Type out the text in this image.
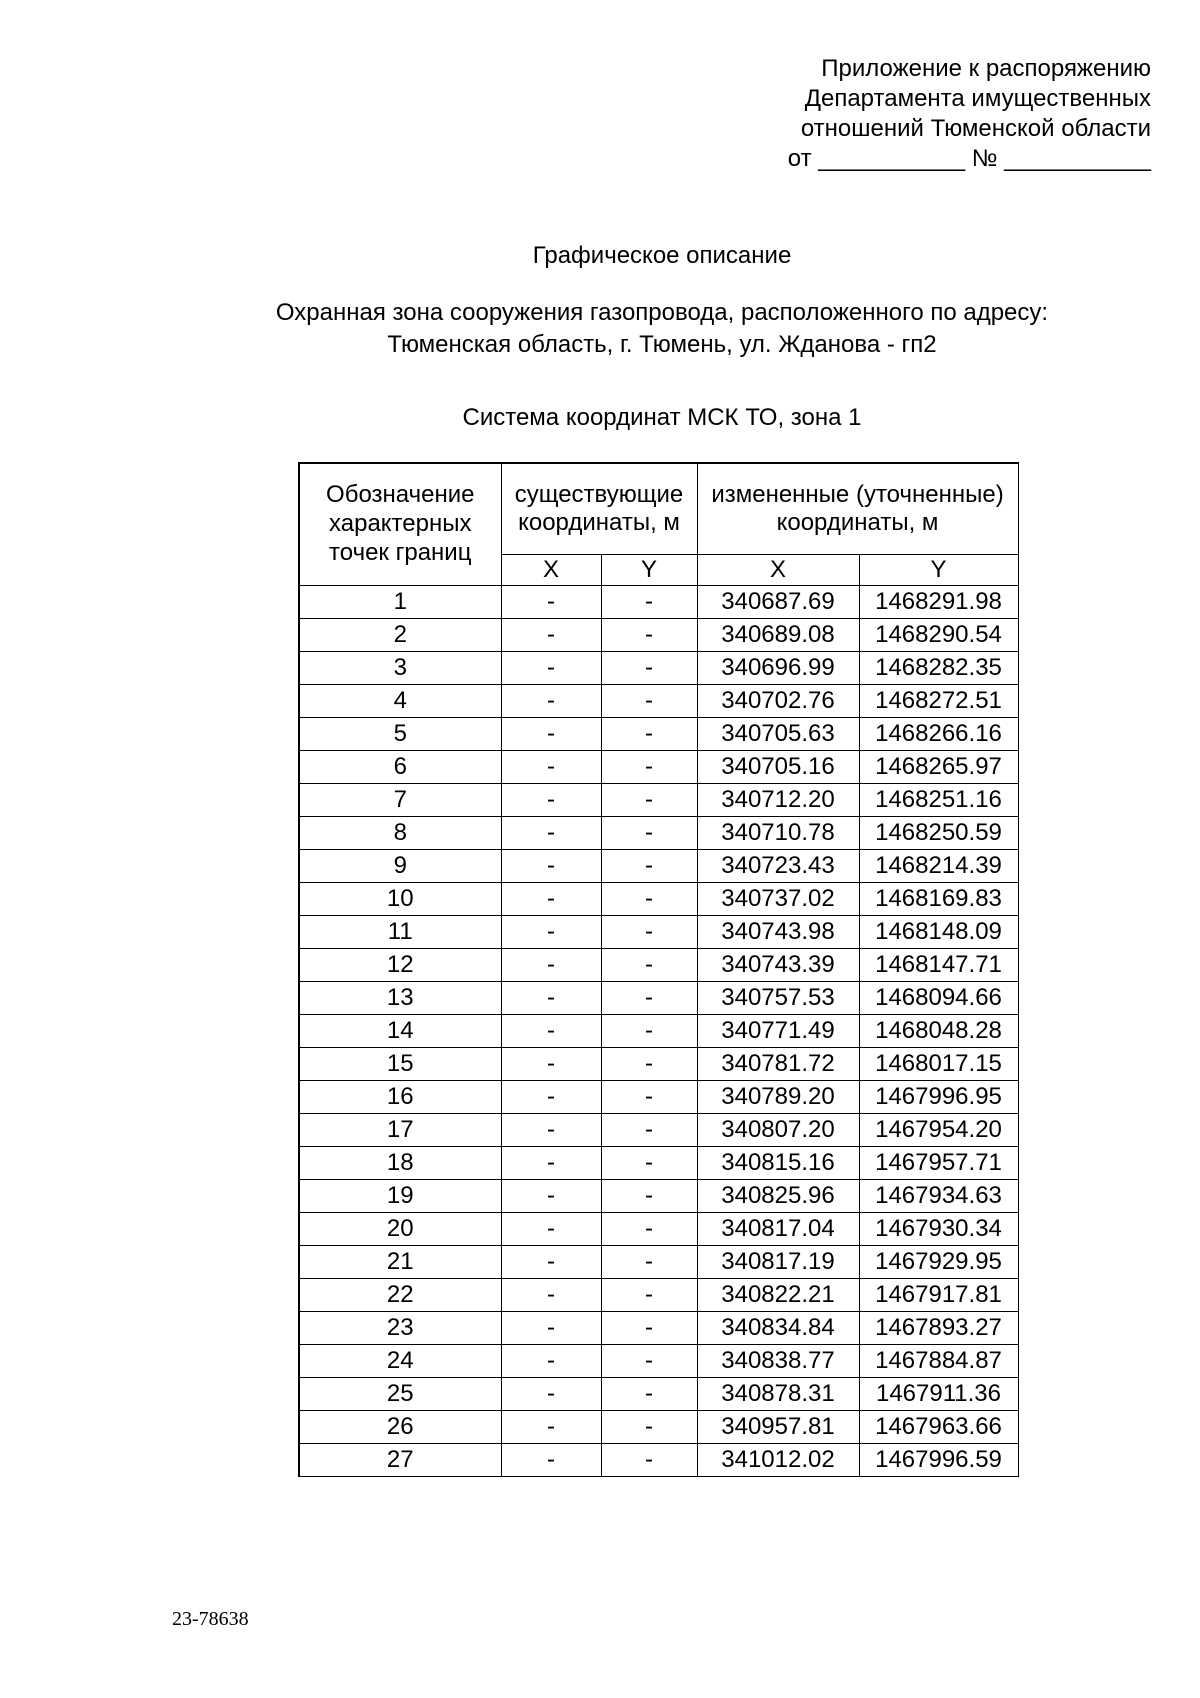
Приложение к распоряжению
Департамента имущественных
отношений Тюменской области
от ___________ № ___________
Графическое описание
Охранная зона сооружения газопровода, расположенного по адресу:
Тюменская область, г. Тюмень, ул. Жданова - гп2
Система координат МСК ТО, зона 1
Обозначение характерных точек границ	существующие координаты, м		измененные (уточненные) координаты, м	
	X	Y	X	Y
1	-	-	340687.69	1468291.98
2	-	-	340689.08	1468290.54
3	-	-	340696.99	1468282.35
4	-	-	340702.76	1468272.51
5	-	-	340705.63	1468266.16
6	-	-	340705.16	1468265.97
7	-	-	340712.20	1468251.16
8	-	-	340710.78	1468250.59
9	-	-	340723.43	1468214.39
10	-	-	340737.02	1468169.83
11	-	-	340743.98	1468148.09
12	-	-	340743.39	1468147.71
13	-	-	340757.53	1468094.66
14	-	-	340771.49	1468048.28
15	-	-	340781.72	1468017.15
16	-	-	340789.20	1467996.95
17	-	-	340807.20	1467954.20
18	-	-	340815.16	1467957.71
19	-	-	340825.96	1467934.63
20	-	-	340817.04	1467930.34
21	-	-	340817.19	1467929.95
22	-	-	340822.21	1467917.81
23	-	-	340834.84	1467893.27
24	-	-	340838.77	1467884.87
25	-	-	340878.31	1467911.36
26	-	-	340957.81	1467963.66
27	-	-	341012.02	1467996.59
23-78638
